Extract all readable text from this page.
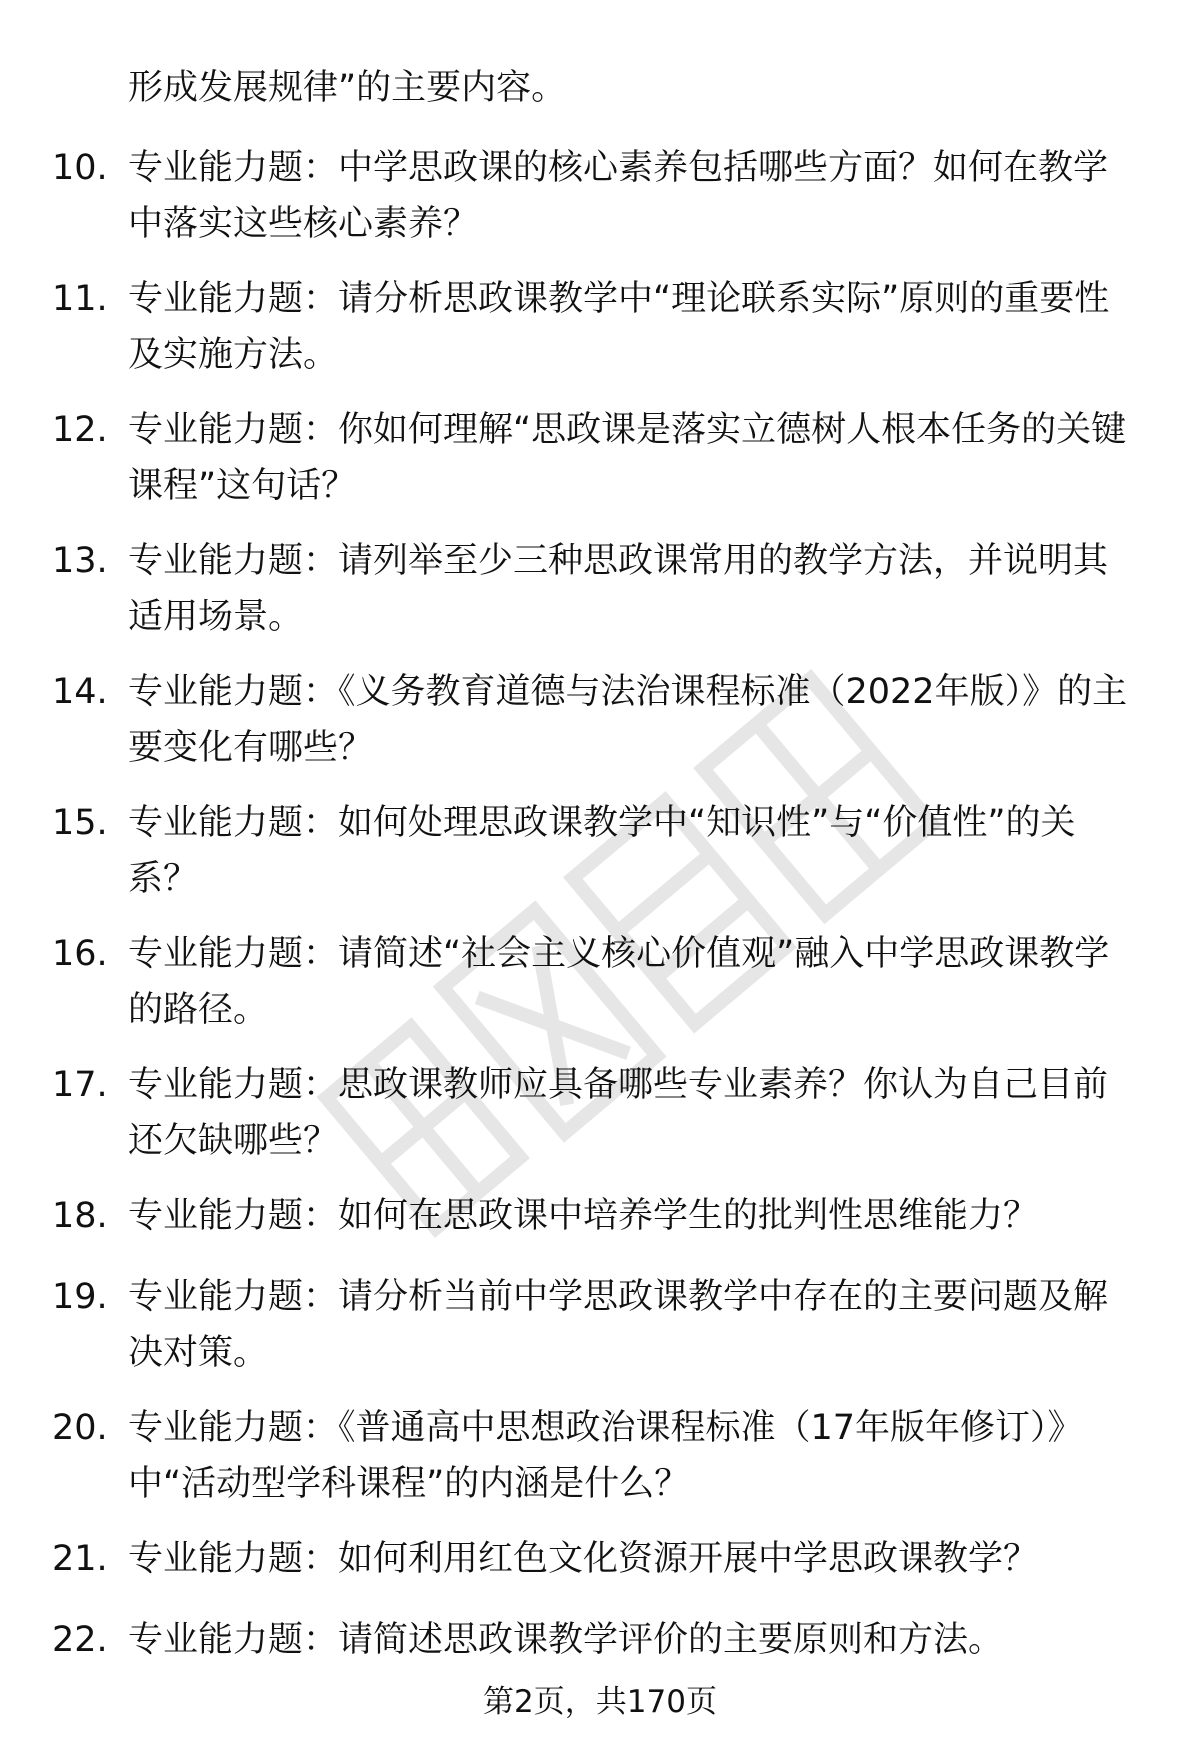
形成发展规律”的主要内容。

10. 专业能力题：中学思政课的核心素养包括哪些方面？如何在教学中落实这些核心素养？

11. 专业能力题：请分析思政课教学中“理论联系实际”原则的重要性及实施方法。

12. 专业能力题：你如何理解“思政课是落实立德树人根本任务的关键课程”这句话？

13. 专业能力题：请列举至少三种思政课常用的教学方法，并说明其适用场景。

14. 专业能力题：《义务教育道德与法治课程标准（2022年版）》的主要变化有哪些？

15. 专业能力题：如何处理思政课教学中“知识性”与“价值性”的关系？

16. 专业能力题：请简述“社会主义核心价值观”融入中学思政课教学的路径。

17. 专业能力题：思政课教师应具备哪些专业素养？你认为自己目前还欠缺哪些？

18. 专业能力题：如何在思政课中培养学生的批判性思维能力？

19. 专业能力题：请分析当前中学思政课教学中存在的主要问题及解决对策。

20. 专业能力题：《普通高中思想政治课程标准（17年版年修订）》中“活动型学科课程”的内涵是什么？

21. 专业能力题：如何利用红色文化资源开展中学思政课教学？

22. 专业能力题：请简述思政课教学评价的主要原则和方法。

第2页，共170页
